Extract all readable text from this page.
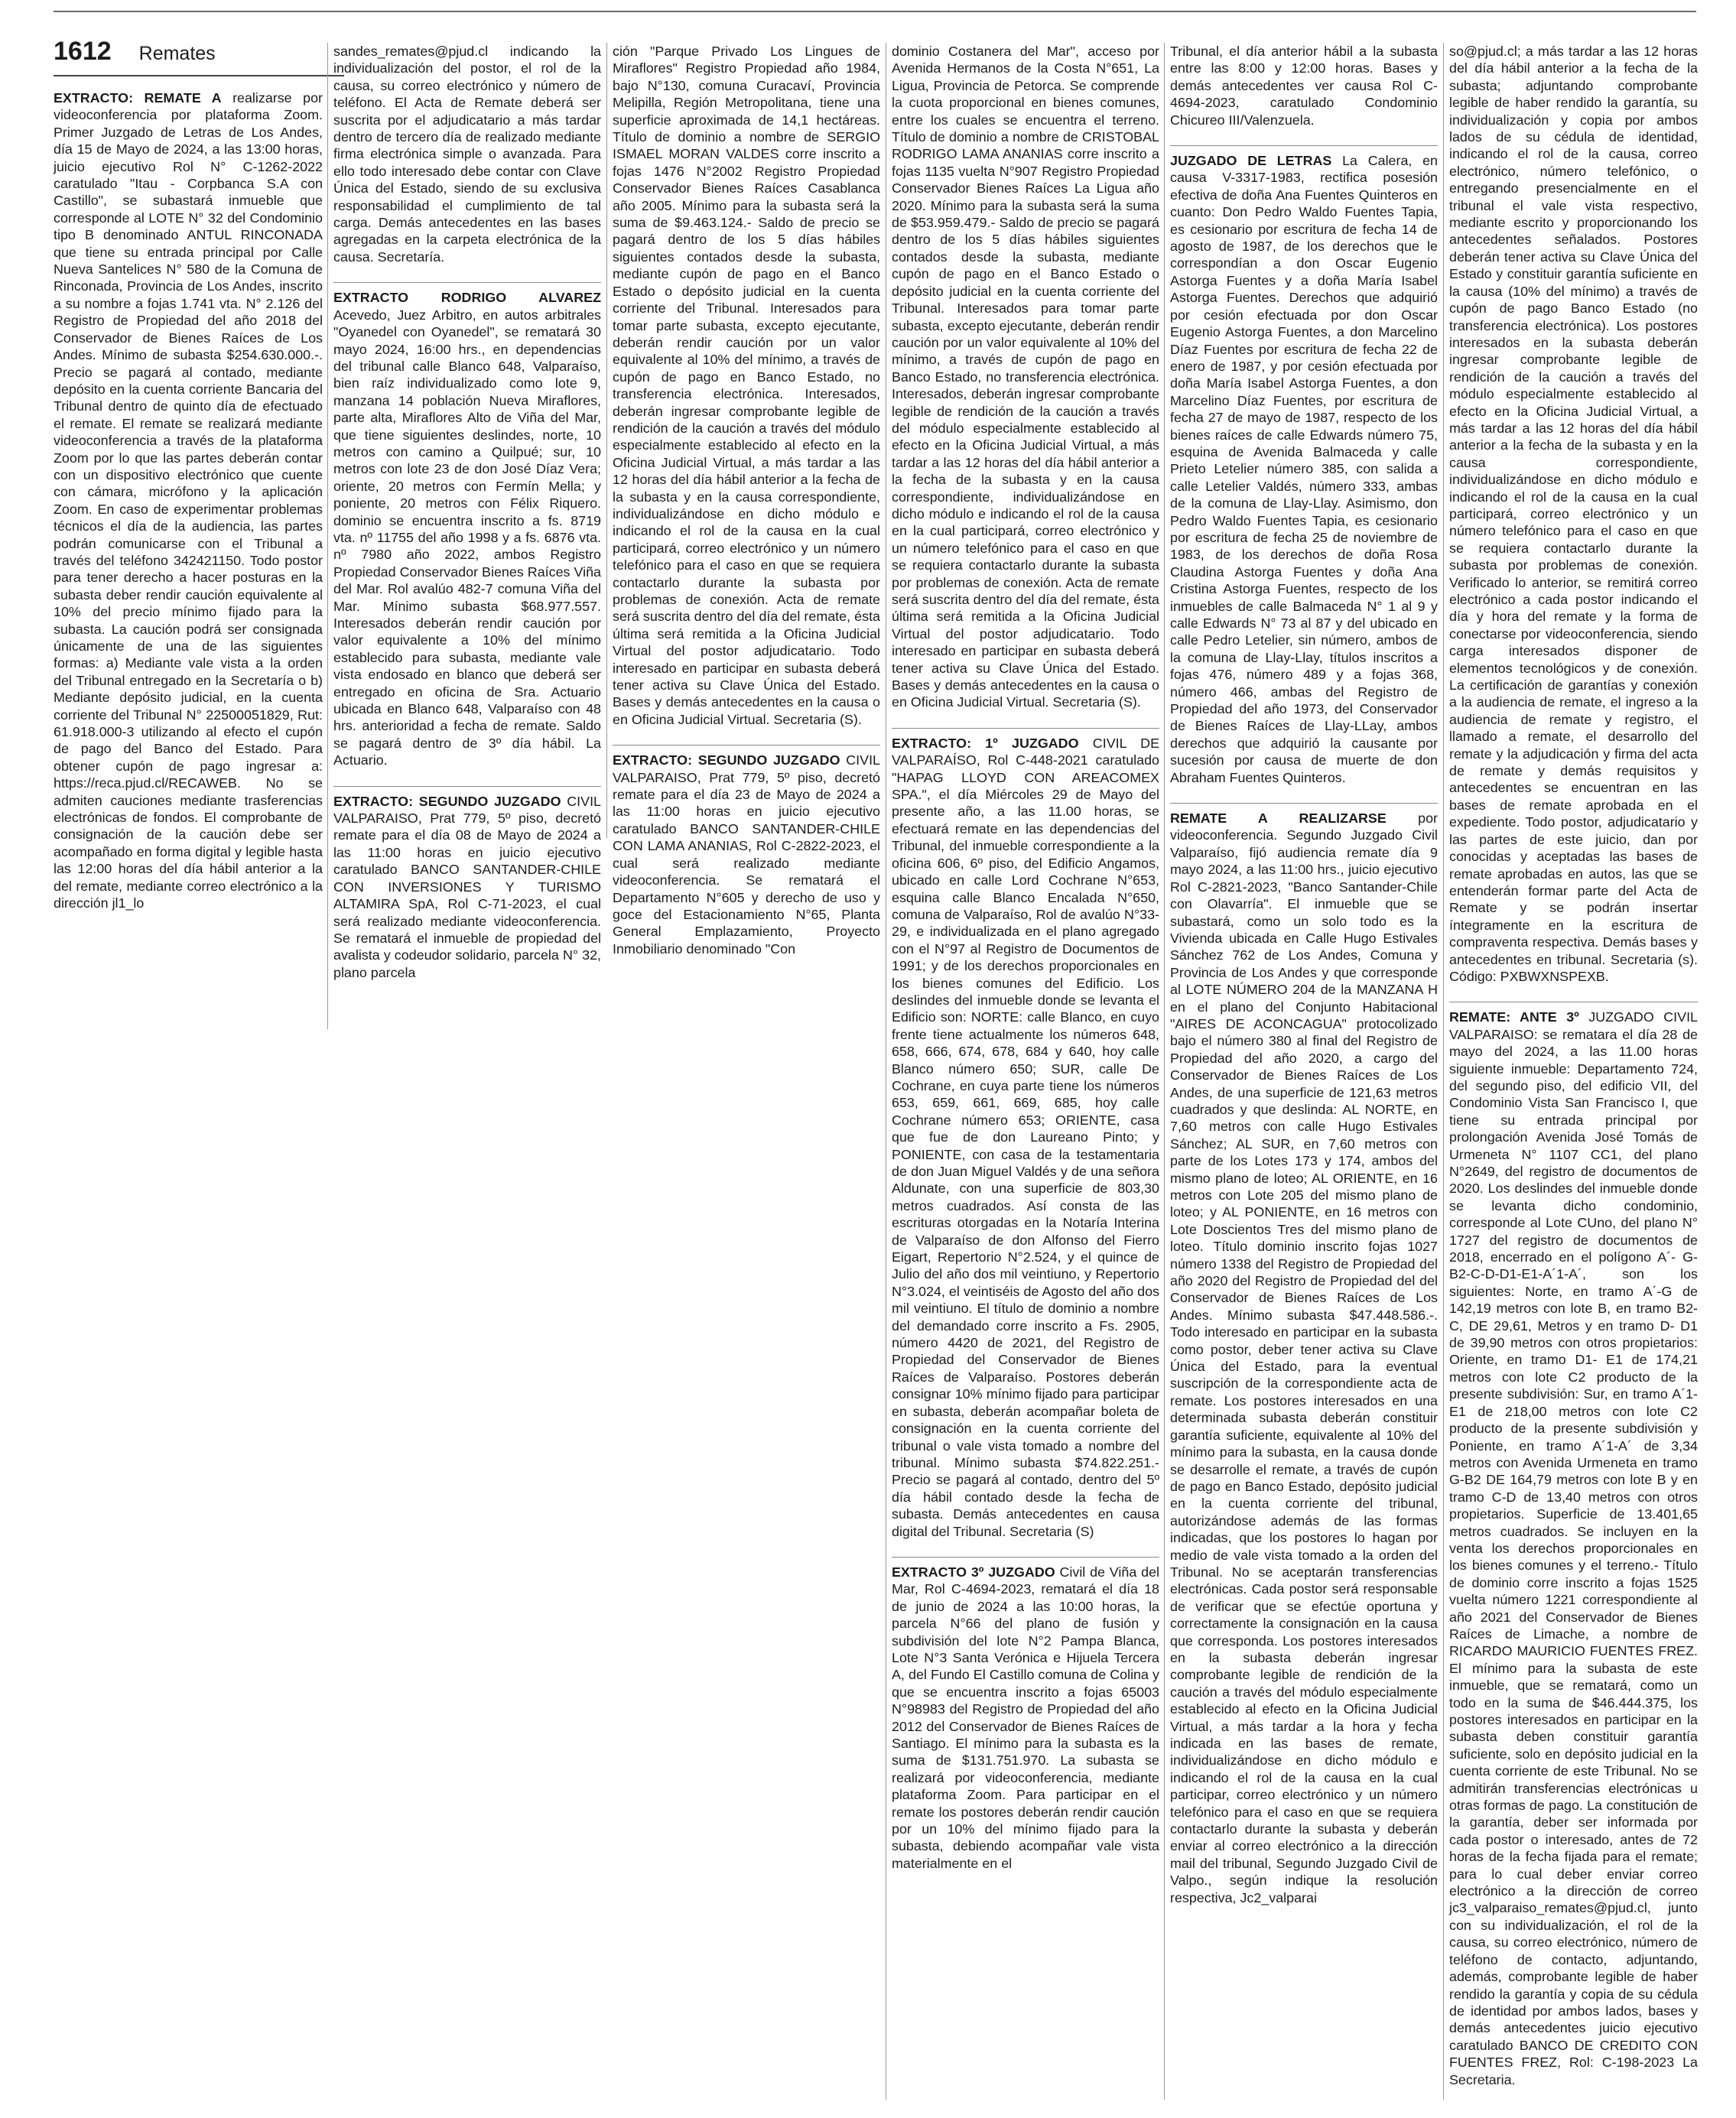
1612 Remates
EXTRACTO: REMATE A realizarse por videoconferencia por plataforma Zoom. Primer Juzgado de Letras de Los Andes, día 15 de Mayo de 2024, a las 13:00 horas, juicio ejecutivo Rol N° C-1262-2022 caratulado "Itau - Corpbanca S.A con Castillo", se subastará inmueble que corresponde al LOTE N° 32 del Condominio tipo B denominado ANTUL RINCONADA que tiene su entrada principal por Calle Nueva Santelices N° 580 de la Comuna de Rinconada, Provincia de Los Andes, inscrito a su nombre a fojas 1.741 vta. N° 2.126 del Registro de Propiedad del año 2018 del Conservador de Bienes Raíces de Los Andes. Mínimo de subasta $254.630.000.-. Precio se pagará al contado, mediante depósito en la cuenta corriente Bancaria del Tribunal dentro de quinto día de efectuado el remate. El remate se realizará mediante videoconferencia a través de la plataforma Zoom por lo que las partes deberán contar con un dispositivo electrónico que cuente con cámara, micrófono y la aplicación Zoom. En caso de experimentar problemas técnicos el día de la audiencia, las partes podrán comunicarse con el Tribunal a través del teléfono 342421150. Todo postor para tener derecho a hacer posturas en la subasta deber rendir caución equivalente al 10% del precio mínimo fijado para la subasta. La caución podrá ser consignada únicamente de una de las siguientes formas: a) Mediante vale vista a la orden del Tribunal entregado en la Secretaría o b) Mediante depósito judicial, en la cuenta corriente del Tribunal N° 22500051829, Rut: 61.918.000-3 utilizando al efecto el cupón de pago del Banco del Estado. Para obtener cupón de pago ingresar a: https://reca.pjud.cl/RECAWEB. No se admiten cauciones mediante trasferencias electrónicas de fondos. El comprobante de consignación de la caución debe ser acompañado en forma digital y legible hasta las 12:00 horas del día hábil anterior a la del remate, mediante correo electrónico a la dirección jl1_lo
sandes_remates@pjud.cl indicando la individualización del postor, el rol de la causa, su correo electrónico y número de teléfono. El Acta de Remate deberá ser suscrita por el adjudicatario a más tardar dentro de tercero día de realizado mediante firma electrónica simple o avanzada. Para ello todo interesado debe contar con Clave Única del Estado, siendo de su exclusiva responsabilidad el cumplimiento de tal carga. Demás antecedentes en las bases agregadas en la carpeta electrónica de la causa. Secretaría.
EXTRACTO RODRIGO ALVAREZ Acevedo, Juez Arbitro, en autos arbitrales "Oyanedel con Oyanedel", se rematará 30 mayo 2024, 16:00 hrs., en dependencias del tribunal calle Blanco 648, Valparaíso, bien raíz individualizado como lote 9, manzana 14 población Nueva Miraflores, parte alta, Miraflores Alto de Viña del Mar, que tiene siguientes deslindes, norte, 10 metros con camino a Quilpué; sur, 10 metros con lote 23 de don José Díaz Vera; oriente, 20 metros con Fermín Mella; y poniente, 20 metros con Félix Riquero. dominio se encuentra inscrito a fs. 8719 vta. nº 11755 del año 1998 y a fs. 6876 vta. nº 7980 año 2022, ambos Registro Propiedad Conservador Bienes Raíces Viña del Mar. Rol avalúo 482-7 comuna Viña del Mar. Mínimo subasta $68.977.557. Interesados deberán rendir caución por valor equivalente a 10% del mínimo establecido para subasta, mediante vale vista endosado en blanco que deberá ser entregado en oficina de Sra. Actuario ubicada en Blanco 648, Valparaíso con 48 hrs. anterioridad a fecha de remate. Saldo se pagará dentro de 3º día hábil. La Actuario.
EXTRACTO: SEGUNDO JUZGADO CIVIL VALPARAISO, Prat 779, 5º piso, decretó remate para el día 08 de Mayo de 2024 a las 11:00 horas en juicio ejecutivo caratulado BANCO SANTANDER-CHILE CON INVERSIONES Y TURISMO ALTAMIRA SpA, Rol C-71-2023, el cual será realizado mediante videoconferencia. Se rematará el inmueble de propiedad del avalista y codeudor solidario, parcela N° 32, plano parcela
ción "Parque Privado Los Lingues de Miraflores" Registro Propiedad año 1984, bajo N°130, comuna Curacaví, Provincia Melipilla, Región Metropolitana, tiene una superficie aproximada de 14,1 hectáreas. Título de dominio a nombre de SERGIO ISMAEL MORAN VALDES corre inscrito a fojas 1476 N°2002 Registro Propiedad Conservador Bienes Raíces Casablanca año 2005. Mínimo para la subasta será la suma de $9.463.124.- Saldo de precio se pagará dentro de los 5 días hábiles siguientes contados desde la subasta, mediante cupón de pago en el Banco Estado o depósito judicial en la cuenta corriente del Tribunal. Interesados para tomar parte subasta, excepto ejecutante, deberán rendir caución por un valor equivalente al 10% del mínimo, a través de cupón de pago en Banco Estado, no transferencia electrónica. Interesados, deberán ingresar comprobante legible de rendición de la caución a través del módulo especialmente establecido al efecto en la Oficina Judicial Virtual, a más tardar a las 12 horas del día hábil anterior a la fecha de la subasta y en la causa correspondiente, individualizándose en dicho módulo e indicando el rol de la causa en la cual participará, correo electrónico y un número telefónico para el caso en que se requiera contactarlo durante la subasta por problemas de conexión. Acta de remate será suscrita dentro del día del remate, ésta última será remitida a la Oficina Judicial Virtual del postor adjudicatario. Todo interesado en participar en subasta deberá tener activa su Clave Única del Estado. Bases y demás antecedentes en la causa o en Oficina Judicial Virtual. Secretaria (S).
EXTRACTO: SEGUNDO JUZGADO CIVIL VALPARAISO, Prat 779, 5º piso, decretó remate para el día 23 de Mayo de 2024 a las 11:00 horas en juicio ejecutivo caratulado BANCO SANTANDER-CHILE CON LAMA ANANIAS, Rol C-2822-2023, el cual será realizado mediante videoconferencia. Se rematará el Departamento N°605 y derecho de uso y goce del Estacionamiento N°65, Planta General Emplazamiento, Proyecto Inmobiliario denominado "Con
dominio Costanera del Mar", acceso por Avenida Hermanos de la Costa N°651, La Ligua, Provincia de Petorca. Se comprende la cuota proporcional en bienes comunes, entre los cuales se encuentra el terreno. Título de dominio a nombre de CRISTOBAL RODRIGO LAMA ANANIAS corre inscrito a fojas 1135 vuelta N°907 Registro Propiedad Conservador Bienes Raíces La Ligua año 2020. Mínimo para la subasta será la suma de $53.959.479.- Saldo de precio se pagará dentro de los 5 días hábiles siguientes contados desde la subasta, mediante cupón de pago en el Banco Estado o depósito judicial en la cuenta corriente del Tribunal. Interesados para tomar parte subasta, excepto ejecutante, deberán rendir caución por un valor equivalente al 10% del mínimo, a través de cupón de pago en Banco Estado, no transferencia electrónica. Interesados, deberán ingresar comprobante legible de rendición de la caución a través del módulo especialmente establecido al efecto en la Oficina Judicial Virtual, a más tardar a las 12 horas del día hábil anterior a la fecha de la subasta y en la causa correspondiente, individualizándose en dicho módulo e indicando el rol de la causa en la cual participará, correo electrónico y un número telefónico para el caso en que se requiera contactarlo durante la subasta por problemas de conexión. Acta de remate será suscrita dentro del día del remate, ésta última será remitida a la Oficina Judicial Virtual del postor adjudicatario. Todo interesado en participar en subasta deberá tener activa su Clave Única del Estado. Bases y demás antecedentes en la causa o en Oficina Judicial Virtual. Secretaria (S).
EXTRACTO: 1º JUZGADO CIVIL DE VALPARAÍSO, Rol C-448-2021 caratulado "HAPAG LLOYD CON AREACOMEX SPA.", el día Miércoles 29 de Mayo del presente año, a las 11.00 horas, se efectuará remate en las dependencias del Tribunal, del inmueble correspondiente a la oficina 606, 6º piso, del Edificio Angamos, ubicado en calle Lord Cochrane N°653, esquina calle Blanco Encalada N°650, comuna de Valparaíso, Rol de avalúo N°33-29, e individualizada en el plano agregado con el N°97 al Registro de Documentos de 1991; y de los derechos proporcionales en los bienes comunes del Edificio. Los deslindes del inmueble donde se levanta el Edificio son: NORTE: calle Blanco, en cuyo frente tiene actualmente los números 648, 658, 666, 674, 678, 684 y 640, hoy calle Blanco número 650; SUR, calle De Cochrane, en cuya parte tiene los números 653, 659, 661, 669, 685, hoy calle Cochrane número 653; ORIENTE, casa que fue de don Laureano Pinto; y PONIENTE, con casa de la testamentaria de don Juan Miguel Valdés y de una señora Aldunate, con una superficie de 803,30 metros cuadrados. Así consta de las escrituras otorgadas en la Notaría Interina de Valparaíso de don Alfonso del Fierro Eigart, Repertorio N°2.524, y el quince de Julio del año dos mil veintiuno, y Repertorio N°3.024, el veintiséis de Agosto del año dos mil veintiuno. El título de dominio a nombre del demandado corre inscrito a Fs. 2905, número 4420 de 2021, del Registro de Propiedad del Conservador de Bienes Raíces de Valparaíso. Postores deberán consignar 10% mínimo fijado para participar en subasta, deberán acompañar boleta de consignación en la cuenta corriente del tribunal o vale vista tomado a nombre del tribunal. Mínimo subasta $74.822.251.- Precio se pagará al contado, dentro del 5º día hábil contado desde la fecha de subasta. Demás antecedentes en causa digital del Tribunal. Secretaria (S)
EXTRACTO 3º JUZGADO Civil de Viña del Mar, Rol C-4694-2023, rematará el día 18 de junio de 2024 a las 10:00 horas, la parcela N°66 del plano de fusión y subdivisión del lote N°2 Pampa Blanca, Lote N°3 Santa Verónica e Hijuela Tercera A, del Fundo El Castillo comuna de Colina y que se encuentra inscrito a fojas 65003 N°98983 del Registro de Propiedad del año 2012 del Conservador de Bienes Raíces de Santiago. El mínimo para la subasta es la suma de $131.751.970. La subasta se realizará por videoconferencia, mediante plataforma Zoom. Para participar en el remate los postores deberán rendir caución por un 10% del mínimo fijado para la subasta, debiendo acompañar vale vista materialmente en el
Tribunal, el día anterior hábil a la subasta entre las 8:00 y 12:00 horas. Bases y demás antecedentes ver causa Rol C-4694-2023, caratulado Condominio Chicureo III/Valenzuela.
JUZGADO DE LETRAS La Calera, en causa V-3317-1983, rectifica posesión efectiva de doña Ana Fuentes Quinteros en cuanto: Don Pedro Waldo Fuentes Tapia, es cesionario por escritura de fecha 14 de agosto de 1987, de los derechos que le correspondían a don Oscar Eugenio Astorga Fuentes y a doña María Isabel Astorga Fuentes. Derechos que adquirió por cesión efectuada por don Oscar Eugenio Astorga Fuentes, a don Marcelino Díaz Fuentes por escritura de fecha 22 de enero de 1987, y por cesión efectuada por doña María Isabel Astorga Fuentes, a don Marcelino Díaz Fuentes, por escritura de fecha 27 de mayo de 1987, respecto de los bienes raíces de calle Edwards número 75, esquina de Avenida Balmaceda y calle Prieto Letelier número 385, con salida a calle Letelier Valdés, número 333, ambas de la comuna de Llay-Llay. Asimismo, don Pedro Waldo Fuentes Tapia, es cesionario por escritura de fecha 25 de noviembre de 1983, de los derechos de doña Rosa Claudina Astorga Fuentes y doña Ana Cristina Astorga Fuentes, respecto de los inmuebles de calle Balmaceda N° 1 al 9 y calle Edwards N° 73 al 87 y del ubicado en calle Pedro Letelier, sin número, ambos de la comuna de Llay-Llay, títulos inscritos a fojas 476, número 489 y a fojas 368, número 466, ambas del Registro de Propiedad del año 1973, del Conservador de Bienes Raíces de Llay-LLay, ambos derechos que adquirió la causante por sucesión por causa de muerte de don Abraham Fuentes Quinteros.
REMATE A REALIZARSE por videoconferencia. Segundo Juzgado Civil Valparaíso, fijó audiencia remate día 9 mayo 2024, a las 11:00 hrs., juicio ejecutivo Rol C-2821-2023, "Banco Santander-Chile con Olavarría". El inmueble que se subastará, como un solo todo es la Vivienda ubicada en Calle Hugo Estivales Sánchez 762 de Los Andes, Comuna y Provincia de Los Andes y que corresponde al LOTE NÚMERO 204 de la MANZANA H en el plano del Conjunto Habitacional "AIRES DE ACONCAGUA" protocolizado bajo el número 380 al final del Registro de Propiedad del año 2020, a cargo del Conservador de Bienes Raíces de Los Andes, de una superficie de 121,63 metros cuadrados y que deslinda: AL NORTE, en 7,60 metros con calle Hugo Estivales Sánchez; AL SUR, en 7,60 metros con parte de los Lotes 173 y 174, ambos del mismo plano de loteo; AL ORIENTE, en 16 metros con Lote 205 del mismo plano de loteo; y AL PONIENTE, en 16 metros con Lote Doscientos Tres del mismo plano de loteo. Título dominio inscrito fojas 1027 número 1338 del Registro de Propiedad del año 2020 del Registro de Propiedad del del Conservador de Bienes Raíces de Los Andes. Mínimo subasta $47.448.586.-. Todo interesado en participar en la subasta como postor, deber tener activa su Clave Única del Estado, para la eventual suscripción de la correspondiente acta de remate. Los postores interesados en una determinada subasta deberán constituir garantía suficiente, equivalente al 10% del mínimo para la subasta, en la causa donde se desarrolle el remate, a través de cupón de pago en Banco Estado, depósito judicial en la cuenta corriente del tribunal, autorizándose además de las formas indicadas, que los postores lo hagan por medio de vale vista tomado a la orden del Tribunal. No se aceptarán transferencias electrónicas. Cada postor será responsable de verificar que se efectúe oportuna y correctamente la consignación en la causa que corresponda. Los postores interesados en la subasta deberán ingresar comprobante legible de rendición de la caución a través del módulo especialmente establecido al efecto en la Oficina Judicial Virtual, a más tardar a la hora y fecha indicada en las bases de remate, individualizándose en dicho módulo e indicando el rol de la causa en la cual participar, correo electrónico y un número telefónico para el caso en que se requiera contactarlo durante la subasta y deberán enviar al correo electrónico a la dirección mail del tribunal, Segundo Juzgado Civil de Valpo., según indique la resolución respectiva, Jc2_valparai
so@pjud.cl; a más tardar a las 12 horas del día hábil anterior a la fecha de la subasta; adjuntando comprobante legible de haber rendido la garantía, su individualización y copia por ambos lados de su cédula de identidad, indicando el rol de la causa, correo electrónico, número telefónico, o entregando presencialmente en el tribunal el vale vista respectivo, mediante escrito y proporcionando los antecedentes señalados. Postores deberán tener activa su Clave Única del Estado y constituir garantía suficiente en la causa (10% del mínimo) a través de cupón de pago Banco Estado (no transferencia electrónica). Los postores interesados en la subasta deberán ingresar comprobante legible de rendición de la caución a través del módulo especialmente establecido al efecto en la Oficina Judicial Virtual, a más tardar a las 12 horas del día hábil anterior a la fecha de la subasta y en la causa correspondiente, individualizándose en dicho módulo e indicando el rol de la causa en la cual participará, correo electrónico y un número telefónico para el caso en que se requiera contactarlo durante la subasta por problemas de conexión. Verificado lo anterior, se remitirá correo electrónico a cada postor indicando el día y hora del remate y la forma de conectarse por videoconferencia, siendo carga interesados disponer de elementos tecnológicos y de conexión. La certificación de garantías y conexión a la audiencia de remate, el ingreso a la audiencia de remate y registro, el llamado a remate, el desarrollo del remate y la adjudicación y firma del acta de remate y demás requisitos y antecedentes se encuentran en las bases de remate aprobada en el expediente. Todo postor, adjudicatario y las partes de este juicio, dan por conocidas y aceptadas las bases de remate aprobadas en autos, las que se entenderán formar parte del Acta de Remate y se podrán insertar íntegramente en la escritura de compraventa respectiva. Demás bases y antecedentes en tribunal. Secretaria (s). Código: PXBWXNSPEXB.
REMATE: ANTE 3º JUZGADO CIVIL VALPARAISO: se rematara el día 28 de mayo del 2024, a las 11.00 horas siguiente inmueble: Departamento 724, del segundo piso, del edificio VII, del Condominio Vista San Francisco I, que tiene su entrada principal por prolongación Avenida José Tomás de Urmeneta N° 1107 CC1, del plano N°2649, del registro de documentos de 2020. Los deslindes del inmueble donde se levanta dicho condominio, corresponde al Lote CUno, del plano N° 1727 del registro de documentos de 2018, encerrado en el polígono A´- G- B2-C-D-D1-E1-A´1-A´, son los siguientes: Norte, en tramo A´-G de 142,19 metros con lote B, en tramo B2-C, DE 29,61, Metros y en tramo D- D1 de 39,90 metros con otros propietarios: Oriente, en tramo D1- E1 de 174,21 metros con lote C2 producto de la presente subdivisión: Sur, en tramo A´1-E1 de 218,00 metros con lote C2 producto de la presente subdivisión y Poniente, en tramo A´1-A´ de 3,34 metros con Avenida Urmeneta en tramo G-B2 DE 164,79 metros con lote B y en tramo C-D de 13,40 metros con otros propietarios. Superficie de 13.401,65 metros cuadrados. Se incluyen en la venta los derechos proporcionales en los bienes comunes y el terreno.- Título de dominio corre inscrito a fojas 1525 vuelta número 1221 correspondiente al año 2021 del Conservador de Bienes Raíces de Limache, a nombre de RICARDO MAURICIO FUENTES FREZ. El mínimo para la subasta de este inmueble, que se rematará, como un todo en la suma de $46.444.375, los postores interesados en participar en la subasta deben constituir garantía suficiente, solo en depósito judicial en la cuenta corriente de este Tribunal. No se admitirán transferencias electrónicas u otras formas de pago. La constitución de la garantía, deber ser informada por cada postor o interesado, antes de 72 horas de la fecha fijada para el remate; para lo cual deber enviar correo electrónico a la dirección de correo jc3_valparaiso_remates@pjud.cl, junto con su individualización, el rol de la causa, su correo electrónico, número de teléfono de contacto, adjuntando, además, comprobante legible de haber rendido la garantía y copia de su cédula de identidad por ambos lados, bases y demás antecedentes juicio ejecutivo caratulado BANCO DE CREDITO CON FUENTES FREZ, Rol: C-198-2023 La Secretaria.
